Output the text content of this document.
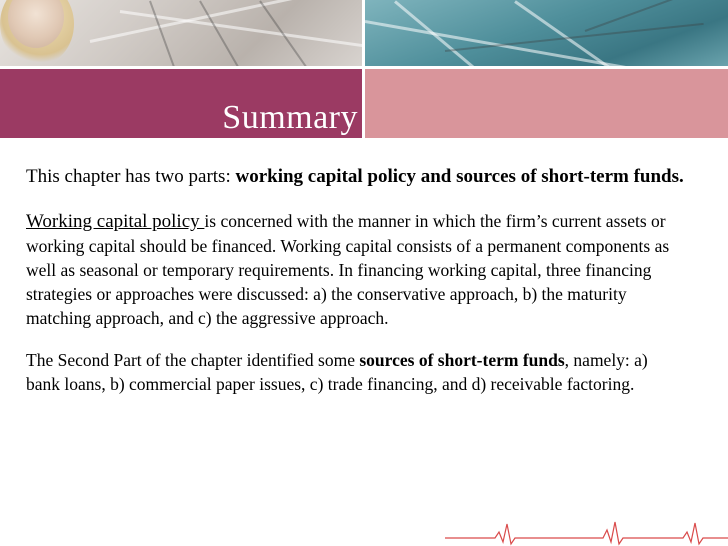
Summary

This chapter has two parts: working capital policy and sources of short-term funds.

Working capital policy is concerned with the manner in which the firm’s current assets or working capital should be financed. Working capital consists of a permanent components as well as seasonal or temporary requirements. In financing working capital, three financing strategies or approaches were discussed: a) the conservative approach, b) the maturity matching approach, and c) the aggressive approach.

The Second Part of the chapter identified some sources of short-term funds, namely: a) bank loans, b) commercial paper issues, c) trade financing, and d) receivable factoring.
